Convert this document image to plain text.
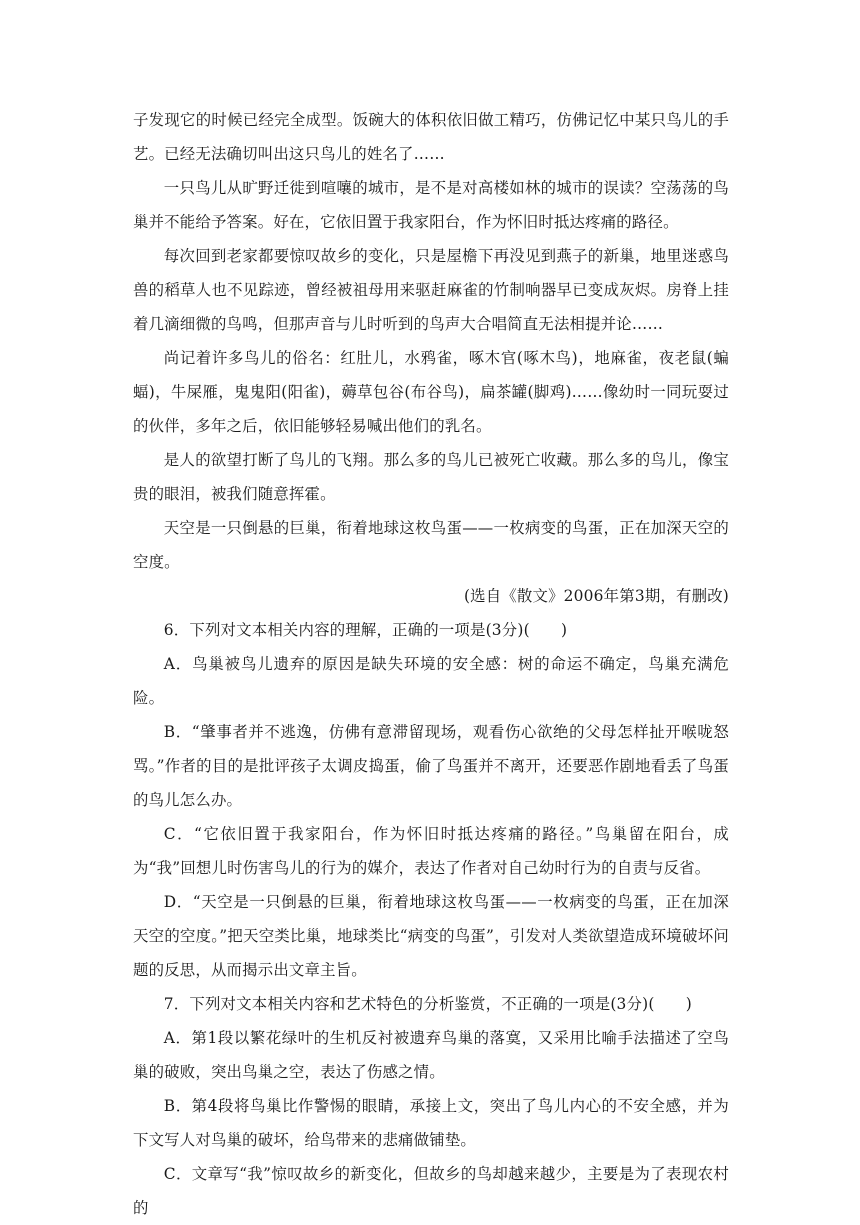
子发现它的时候已经完全成型。饭碗大的体积依旧做工精巧，仿佛记忆中某只鸟儿的手艺。已经无法确切叫出这只鸟儿的姓名了……

一只鸟儿从旷野迁徙到喧嚷的城市，是不是对高楼如林的城市的误读？空荡荡的鸟巢并不能给予答案。好在，它依旧置于我家阳台，作为怀旧时抵达疼痛的路径。

每次回到老家都要惊叹故乡的变化，只是屋檐下再没见到燕子的新巢，地里迷惑鸟兽的稻草人也不见踪迹，曾经被祖母用来驱赶麻雀的竹制响器早已变成灰烬。房脊上挂着几滴细微的鸟鸣，但那声音与儿时听到的鸟声大合唱简直无法相提并论……

尚记着许多鸟儿的俗名：红肚儿，水鸦雀，啄木官(啄木鸟)，地麻雀，夜老鼠(蝙蝠)，牛屎雁，鬼鬼阳(阳雀)，薅草包谷(布谷鸟)，扁茶罐(脚鸡)……像幼时一同玩耍过的伙伴，多年之后，依旧能够轻易喊出他们的乳名。

是人的欲望打断了鸟儿的飞翔。那么多的鸟儿已被死亡收藏。那么多的鸟儿，像宝贵的眼泪，被我们随意挥霍。

天空是一只倒悬的巨巢，衔着地球这枚鸟蛋——一枚病变的鸟蛋，正在加深天空的空度。

(选自《散文》2006年第3期，有删改)

6．下列对文本相关内容的理解，正确的一项是(3分)(　　)

A．鸟巢被鸟儿遗弃的原因是缺失环境的安全感：树的命运不确定，鸟巢充满危险。

B．“肇事者并不逃逸，仿佛有意滞留现场，观看伤心欲绝的父母怎样扯开喉咙怒骂。”作者的目的是批评孩子太调皮捣蛋，偷了鸟蛋并不离开，还要恶作剧地看丢了鸟蛋的鸟儿怎么办。

C．“它依旧置于我家阳台，作为怀旧时抵达疼痛的路径。”鸟巢留在阳台，成为“我”回想儿时伤害鸟儿的行为的媒介，表达了作者对自己幼时行为的自责与反省。

D．“天空是一只倒悬的巨巢，衔着地球这枚鸟蛋——一枚病变的鸟蛋，正在加深天空的空度。”把天空类比巢，地球类比“病变的鸟蛋”，引发对人类欲望造成环境破坏问题的反思，从而揭示出文章主旨。

7．下列对文本相关内容和艺术特色的分析鉴赏，不正确的一项是(3分)(　　)

A．第1段以繁花绿叶的生机反衬被遗弃鸟巢的落寞，又采用比喻手法描述了空鸟巢的破败，突出鸟巢之空，表达了伤感之情。

B．第4段将鸟巢比作警惕的眼睛，承接上文，突出了鸟儿内心的不安全感，并为下文写人对鸟巢的破坏，给鸟带来的悲痛做铺垫。

C．文章写“我”惊叹故乡的新变化，但故乡的鸟却越来越少，主要是为了表现农村的
